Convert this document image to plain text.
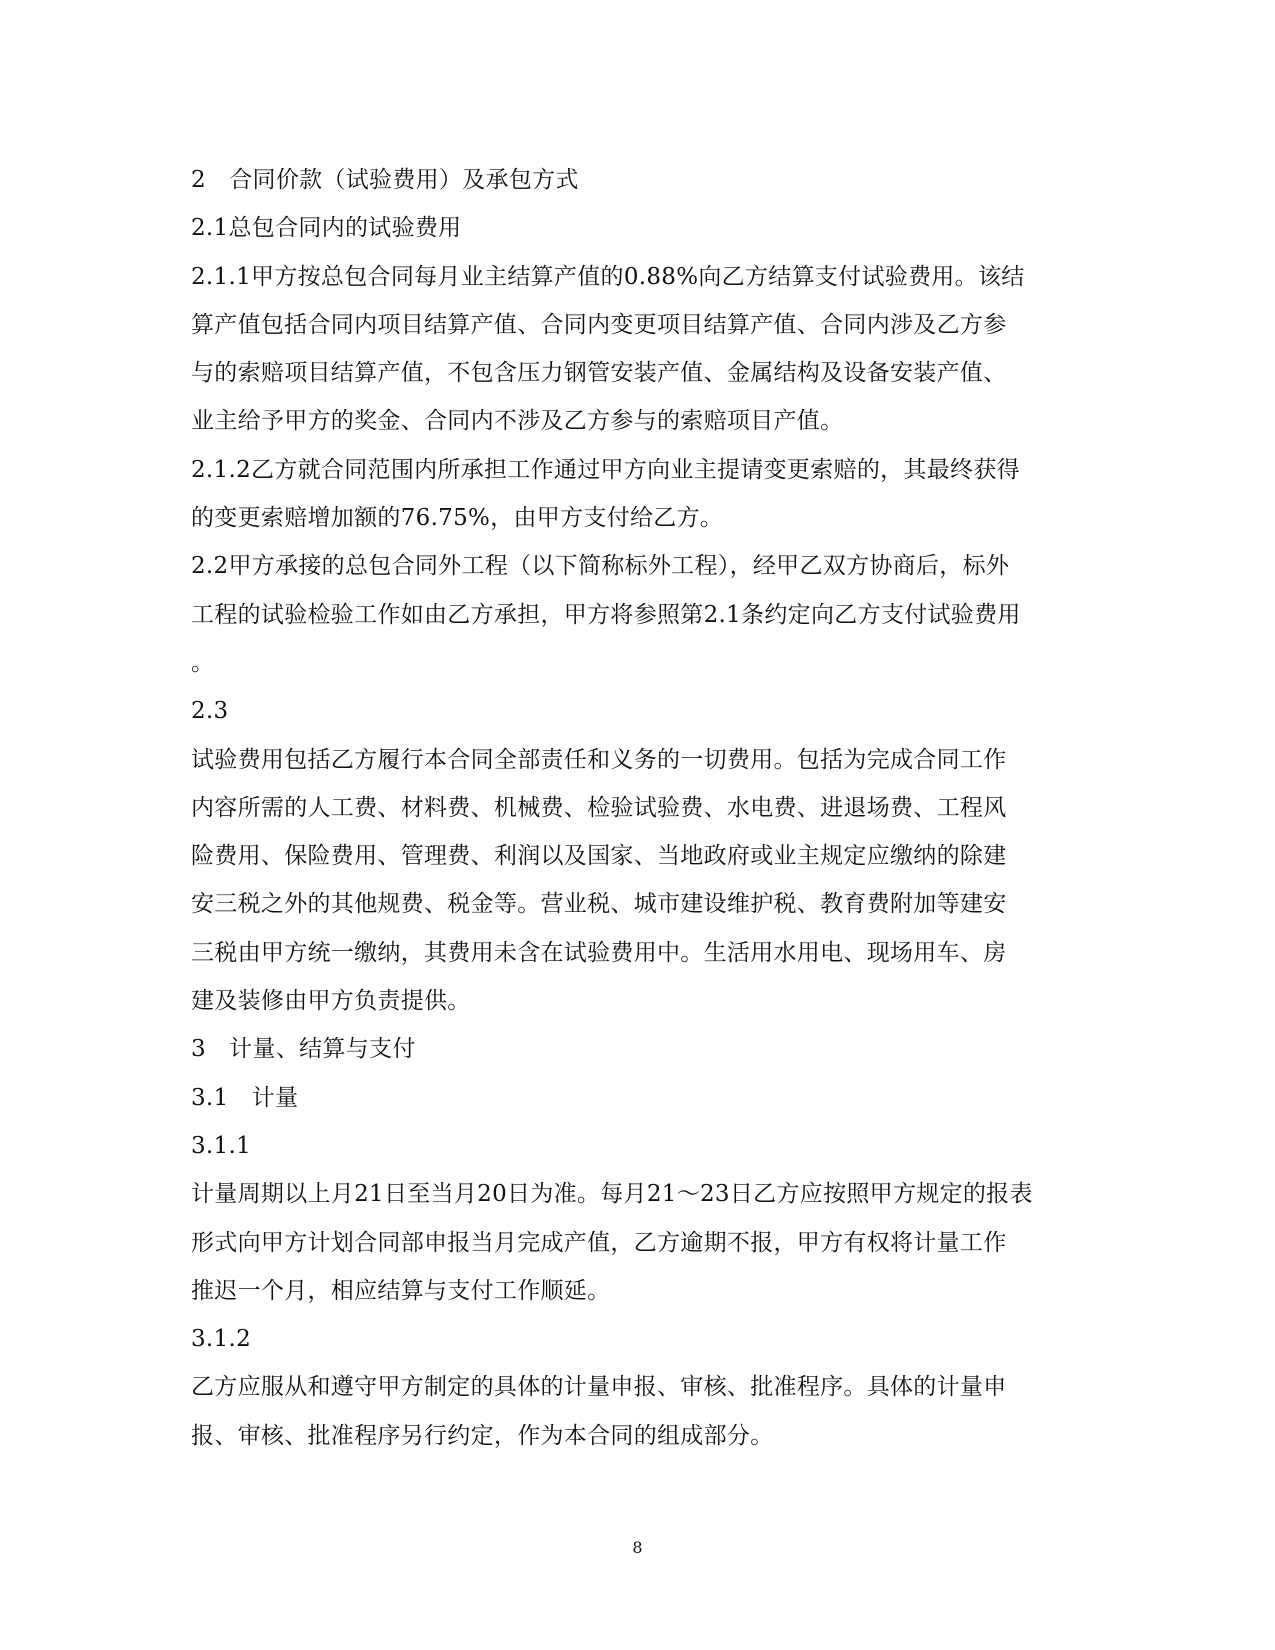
2　合同价款（试验费用）及承包方式
2.1总包合同内的试验费用
2.1.1甲方按总包合同每月业主结算产值的0.88%向乙方结算支付试验费用。该结
算产值包括合同内项目结算产值、合同内变更项目结算产值、合同内涉及乙方参
与的索赔项目结算产值，不包含压力钢管安装产值、金属结构及设备安装产值、
业主给予甲方的奖金、合同内不涉及乙方参与的索赔项目产值。
2.1.2乙方就合同范围内所承担工作通过甲方向业主提请变更索赔的，其最终获得
的变更索赔增加额的76.75%，由甲方支付给乙方。
2.2甲方承接的总包合同外工程（以下简称标外工程），经甲乙双方协商后，标外
工程的试验检验工作如由乙方承担，甲方将参照第2.1条约定向乙方支付试验费用
。
2.3
试验费用包括乙方履行本合同全部责任和义务的一切费用。包括为完成合同工作
内容所需的人工费、材料费、机械费、检验试验费、水电费、进退场费、工程风
险费用、保险费用、管理费、利润以及国家、当地政府或业主规定应缴纳的除建
安三税之外的其他规费、税金等。营业税、城市建设维护税、教育费附加等建安
三税由甲方统一缴纳，其费用未含在试验费用中。生活用水用电、现场用车、房
建及装修由甲方负责提供。
3　计量、结算与支付
3.1　计量
3.1.1
计量周期以上月21日至当月20日为准。每月21～23日乙方应按照甲方规定的报表
形式向甲方计划合同部申报当月完成产值，乙方逾期不报，甲方有权将计量工作
推迟一个月，相应结算与支付工作顺延。
3.1.2
乙方应服从和遵守甲方制定的具体的计量申报、审核、批准程序。具体的计量申
报、审核、批准程序另行约定，作为本合同的组成部分。
8
